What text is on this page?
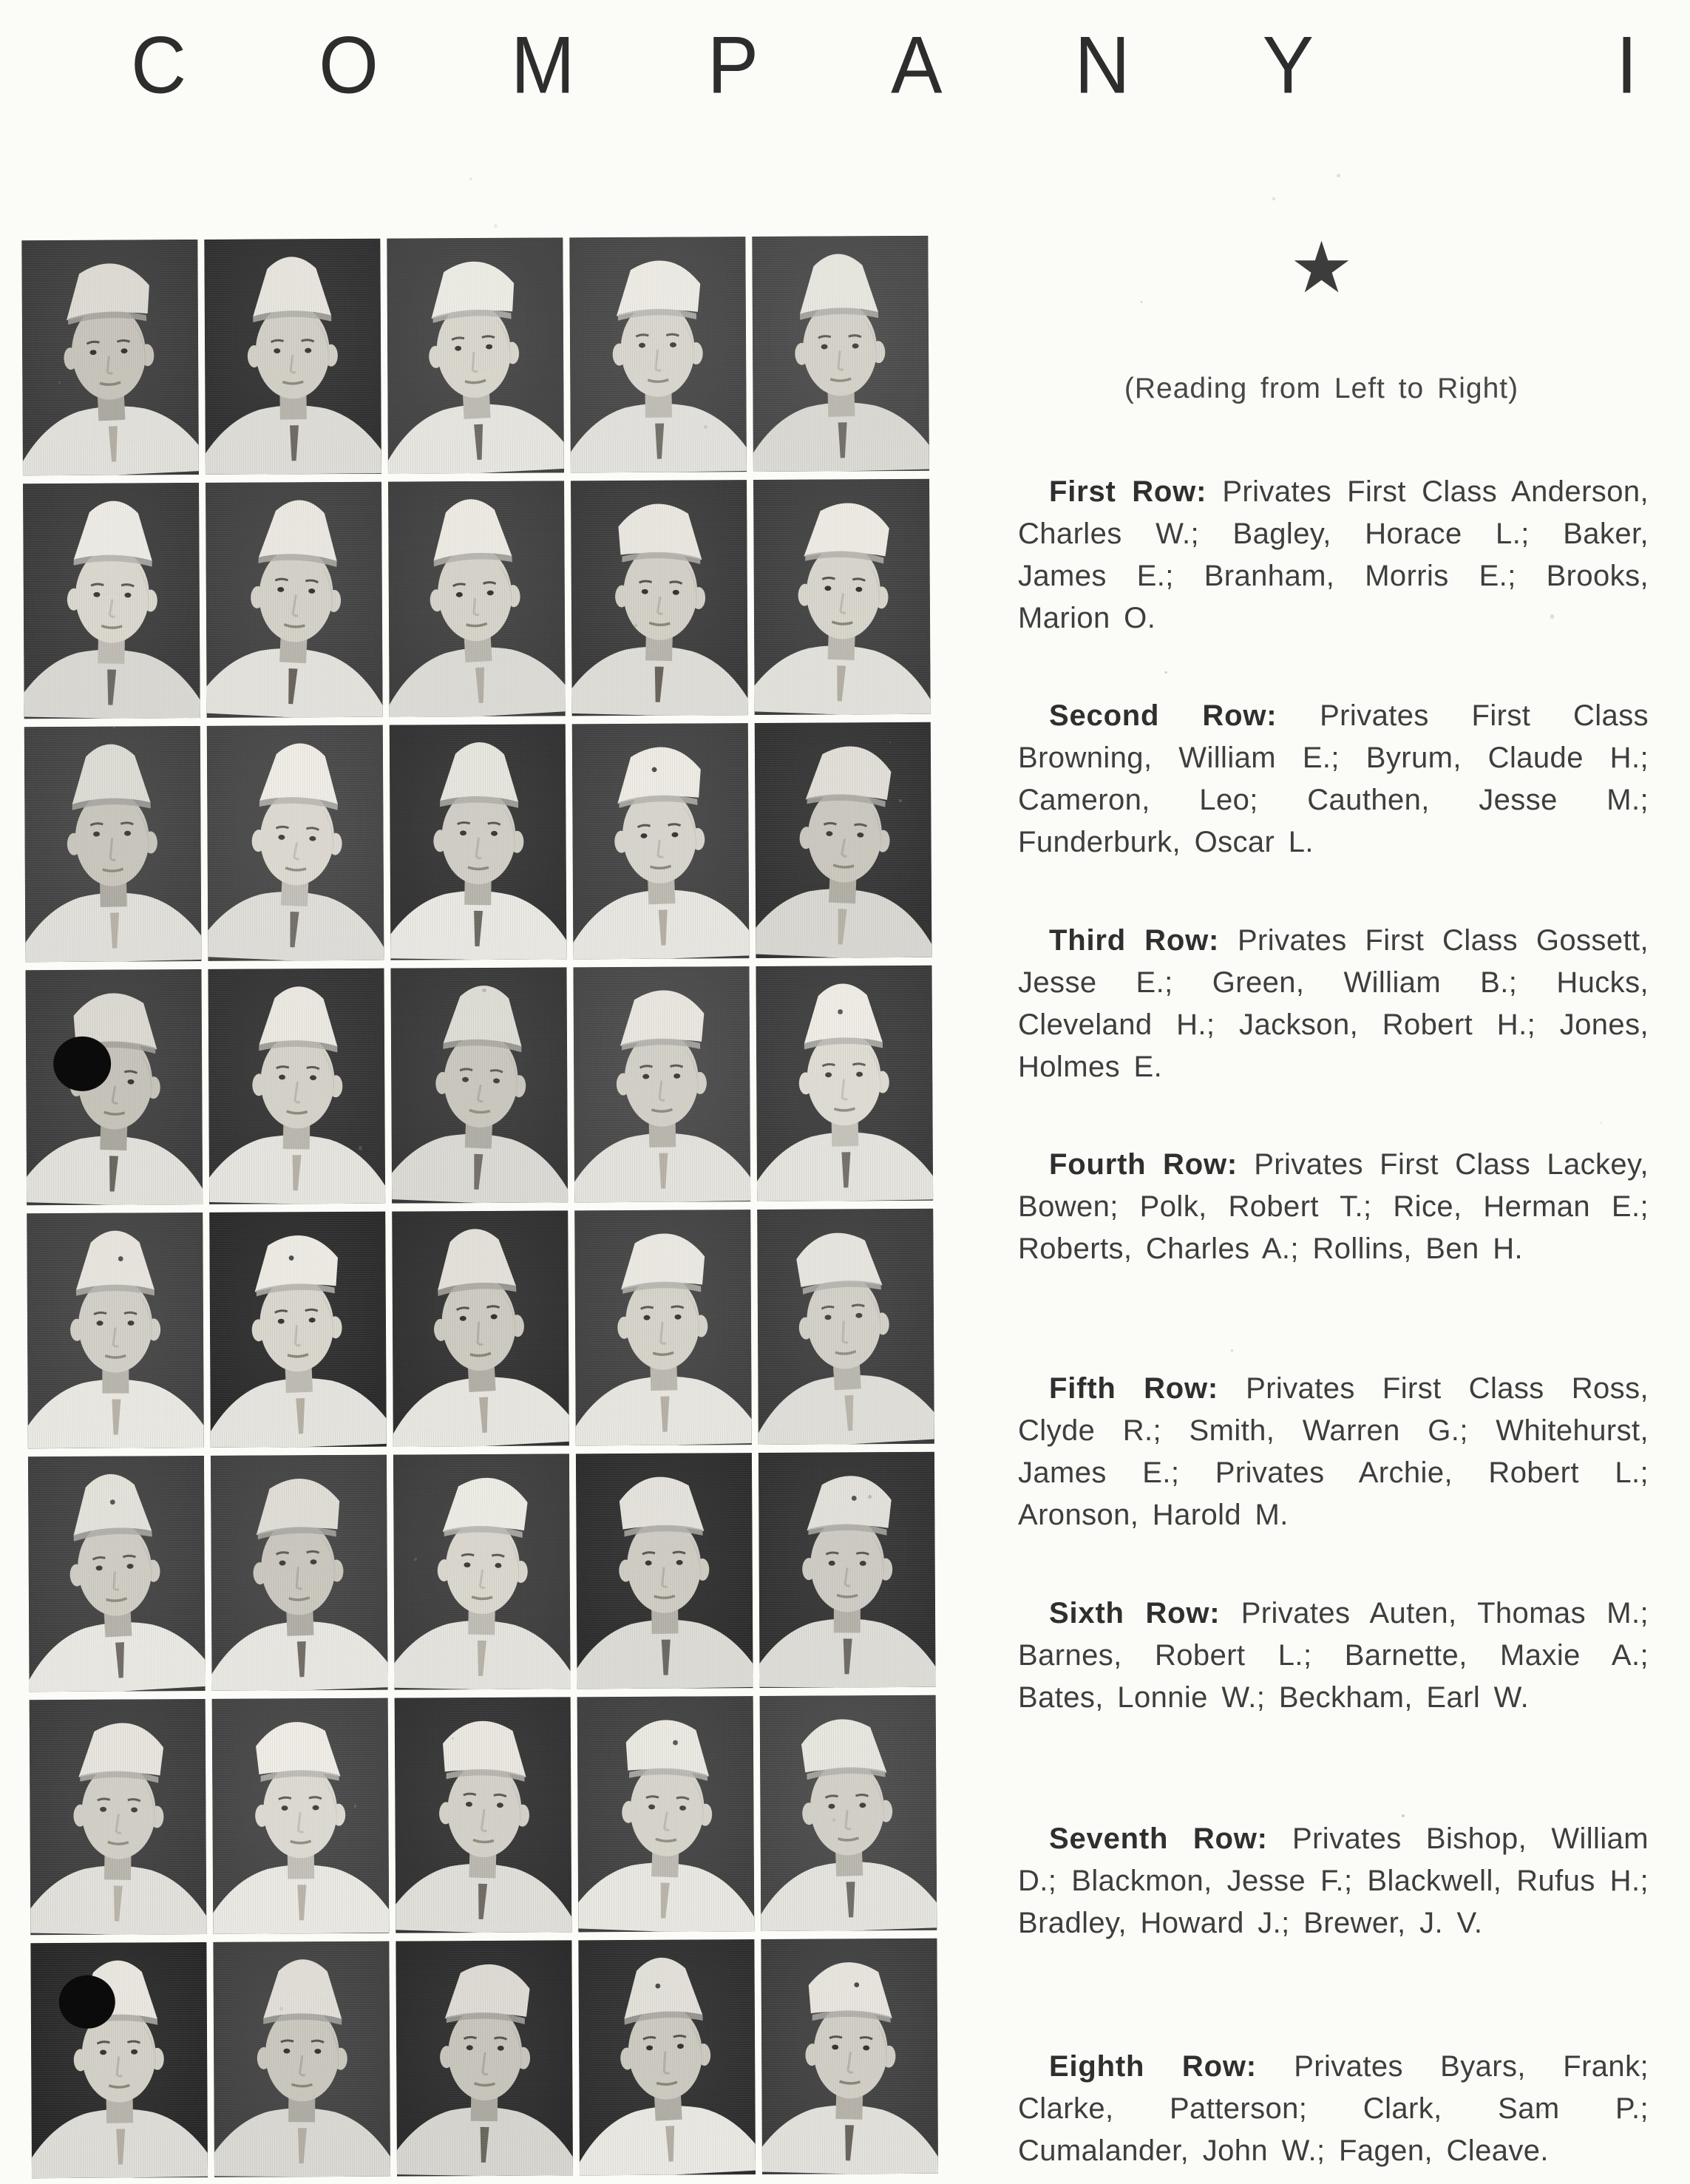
C O M P A N Y	I
★
(Reading from Left to Right)

First Row: Privates First Class Anderson, Charles W.; Bagley, Horace L.; Baker, James E.; Branham, Morris E.; Brooks, Marion O.

Second Row: Privates First Class Browning, William E.; Byrum, Claude H.; Cameron, Leo; Cauthen, Jesse M.; Funderburk, Oscar L.

Third Row: Privates First Class Gossett, Jesse E.; Green, William B.; Hucks, Cleveland H.; Jackson, Robert H.; Jones, Holmes E.

Fourth Row: Privates First Class Lackey, Bowen; Polk, Robert T.; Rice, Herman E.; Roberts, Charles A.; Rollins, Ben H.

Fifth Row: Privates First Class Ross, Clyde R.; Smith, Warren G.; Whitehurst, James E.; Privates Archie, Robert L.; Aronson, Harold M.

Sixth Row: Privates Auten, Thomas M.; Barnes, Robert L.; Barnette, Maxie A.; Bates, Lonnie W.; Beckham, Earl W.

Seventh Row: Privates Bishop, William D.; Blackmon, Jesse F.; Blackwell, Rufus H.; Bradley, Howard J.; Brewer, J. V.

Eighth Row: Privates Byars, Frank; Clarke, Patterson; Clark, Sam P.; Cumalander, John W.; Fagen, Cleave.
